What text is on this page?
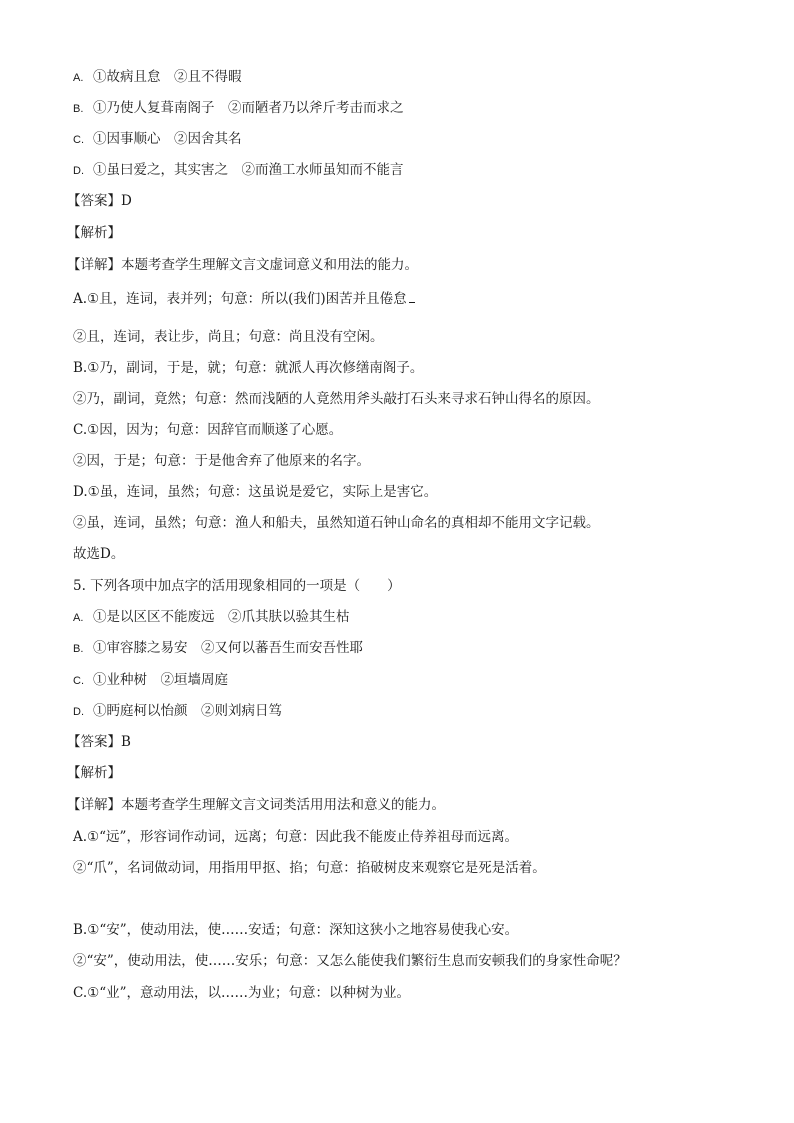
A. ①故病且怠　②且不得暇
B. ①乃使人复葺南阁子　②而陋者乃以斧斤考击而求之
C. ①因事顺心　②因舍其名
D. ①虽曰爱之，其实害之　②而渔工水师虽知而不能言
【答案】D
【解析】
【详解】本题考查学生理解文言文虚词意义和用法的能力。
A.①且，连词，表并列；句意：所以(我们)困苦并且倦怠
②且，连词，表让步，尚且；句意：尚且没有空闲。
B.①乃，副词，于是，就；句意：就派人再次修缮南阁子。
②乃，副词，竟然；句意：然而浅陋的人竟然用斧头敲打石头来寻求石钟山得名的原因。
C.①因，因为；句意：因辞官而顺遂了心愿。
②因，于是；句意：于是他舍弃了他原来的名字。
D.①虽，连词，虽然；句意：这虽说是爱它，实际上是害它。
②虽，连词，虽然；句意：渔人和船夫，虽然知道石钟山命名的真相却不能用文字记载。
故选D。
5. 下列各项中加点字的活用现象相同的一项是（　　）
A. ①是以区区不能废远　②爪其肤以验其生枯
B. ①审容膝之易安　②又何以蕃吾生而安吾性耶
C. ①业种树　②垣墙周庭
D. ①眄庭柯以怡颜　②则刘病日笃
【答案】B
【解析】
【详解】本题考查学生理解文言文词类活用用法和意义的能力。
A.①“远”，形容词作动词，远离；句意：因此我不能废止侍养祖母而远离。
②“爪”，名词做动词，用指用甲抠、掐；句意：掐破树皮来观察它是死是活着。
B.①“安”，使动用法，使……安适；句意：深知这狭小之地容易使我心安。
②“安”，使动用法，使……安乐；句意：又怎么能使我们繁衍生息而安顿我们的身家性命呢？
C.①“业”，意动用法，以……为业；句意：以种树为业。
